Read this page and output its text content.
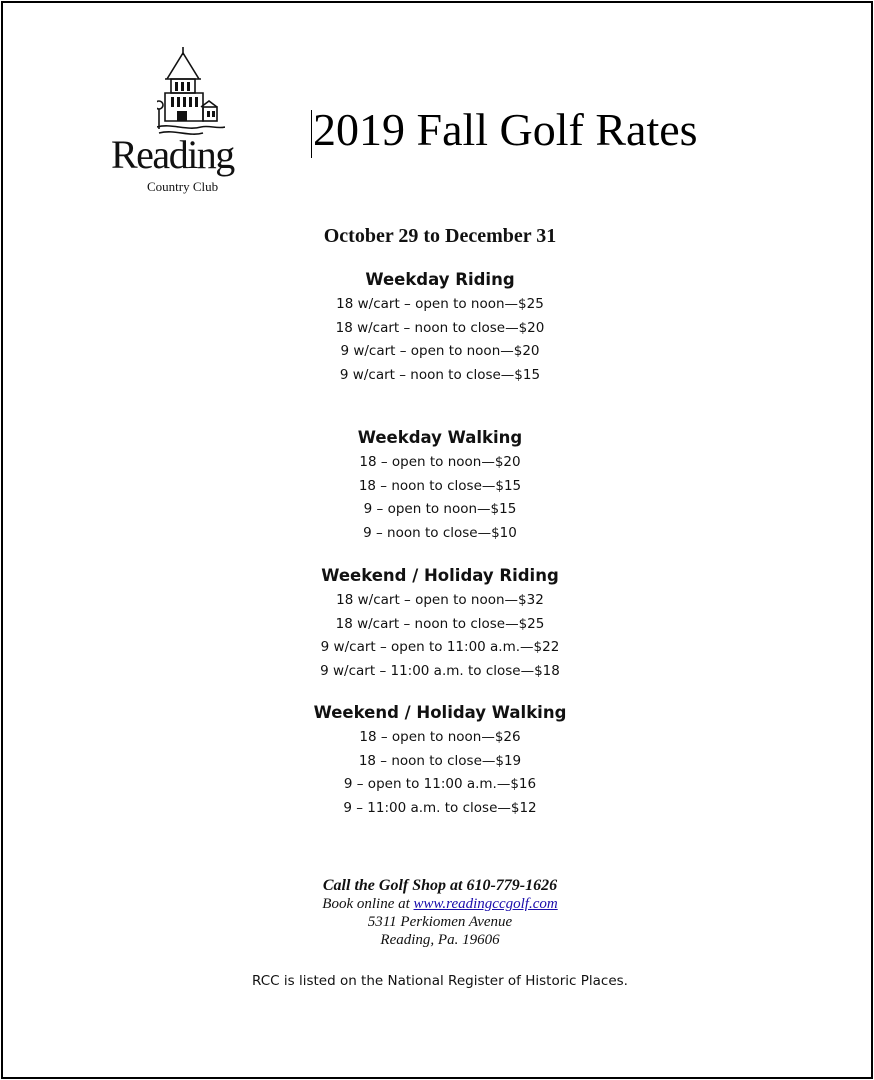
Reading
Country Club
2019 Fall Golf Rates
October 29 to December 31
Weekday Riding
18 w/cart – open to noon—$25
18 w/cart – noon to close—$20
9 w/cart – open to noon—$20
9 w/cart – noon to close—$15
Weekday Walking
18 – open to noon—$20
18 – noon to close—$15
9 – open to noon—$15
9 – noon to close—$10
Weekend / Holiday Riding
18 w/cart – open to noon—$32
18 w/cart – noon to close—$25
9 w/cart – open to 11:00 a.m.—$22
9 w/cart – 11:00 a.m. to close—$18
Weekend / Holiday Walking
18 – open to noon—$26
18 – noon to close—$19
9 – open to 11:00 a.m.—$16
9 – 11:00 a.m. to close—$12
Call the Golf Shop at 610-779-1626
Book online at www.readingccgolf.com
5311 Perkiomen Avenue
Reading, Pa. 19606
RCC is listed on the National Register of Historic Places.
